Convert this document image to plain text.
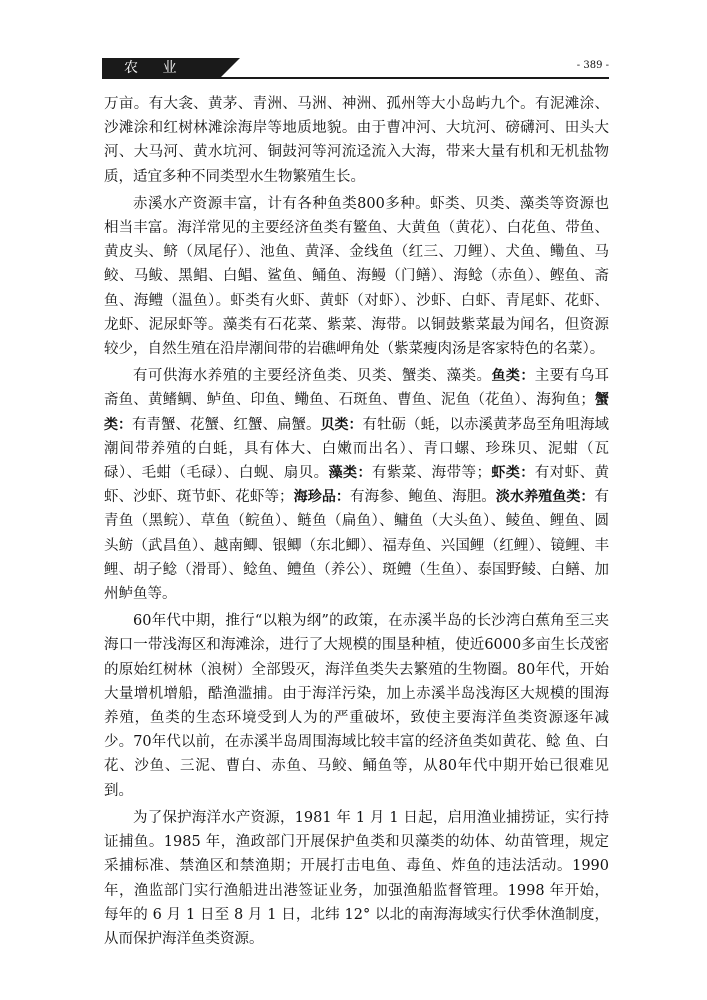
农 业	- 389 -

万亩。有大衾、黄茅、青洲、马洲、神洲、孤州等大小岛屿九个。有泥滩涂、沙滩涂和红树林滩涂海岸等地质地貌。由于曹冲河、大坑河、磅礴河、田头大河、大马河、黄水坑河、铜鼓河等河流迳流入大海，带来大量有机和无机盐物质，适宜多种不同类型水生物繁殖生长。

赤溪水产资源丰富，计有各种鱼类800多种。虾类、贝类、藻类等资源也相当丰富。海洋常见的主要经济鱼类有鳘鱼、大黄鱼（黄花）、白花鱼、带鱼、黄皮头、鲚（凤尾仔）、池鱼、黄泽、金线鱼（红三、刀鲤）、犬鱼、鳓鱼、马鲛、马鲅、黑鲳、白鲳、鲨鱼、鲬鱼、海鳗（门鳝）、海鲶（赤鱼）、鲣鱼、斋鱼、海鳢（温鱼）。虾类有火虾、黄虾（对虾）、沙虾、白虾、青尾虾、花虾、龙虾、泥尿虾等。藻类有石花菜、紫菜、海带。以铜鼓紫菜最为闻名，但资源较少，自然生殖在沿岸潮间带的岩礁岬角处（紫菜瘦肉汤是客家特色的名菜）。

有可供海水养殖的主要经济鱼类、贝类、蟹类、藻类。鱼类：主要有乌耳斋鱼、黄鳍鲷、鲈鱼、印鱼、鳓鱼、石斑鱼、曹鱼、泥鱼（花鱼）、海狗鱼；蟹类：有青蟹、花蟹、红蟹、扁蟹。贝类：有牡砺（蚝，以赤溪黄茅岛至角咀海域潮间带养殖的白蚝，具有体大、白嫩而出名）、青口螺、珍珠贝、泥蚶（瓦碌）、毛蚶（毛碌）、白蚬、扇贝。藻类：有紫菜、海带等；虾类：有对虾、黄虾、沙虾、斑节虾、花虾等；海珍品：有海参、鲍鱼、海胆。淡水养殖鱼类：有青鱼（黑鲩）、草鱼（鲩鱼）、鲢鱼（扁鱼）、鳙鱼（大头鱼）、鲮鱼、鲤鱼、圆头鲂（武昌鱼）、越南鲫、银鲫（东北鲫）、福寿鱼、兴国鲤（红鲤）、镜鲤、丰鲤、胡子鲶（滑哥）、鲶鱼、鳢鱼（养公）、斑鳢（生鱼）、泰国野鲮、白鳝、加州鲈鱼等。

60年代中期，推行“以粮为纲”的政策，在赤溪半岛的长沙湾白蕉角至三夹海口一带浅海区和海滩涂，进行了大规模的围垦种植，使近6000多亩生长茂密的原始红树林（浪树）全部毁灭，海洋鱼类失去繁殖的生物圈。80年代，开始大量增机增船，酷渔滥捕。由于海洋污染，加上赤溪半岛浅海区大规模的围海养殖，鱼类的生态环境受到人为的严重破坏，致使主要海洋鱼类资源逐年减少。70年代以前，在赤溪半岛周围海域比较丰富的经济鱼类如黄花、鲶 鱼、白花、沙鱼、三泥、曹白、赤鱼、马鲛、鲬鱼等，从80年代中期开始已很难见到。

为了保护海洋水产资源，1981 年 1 月 1 日起，启用渔业捕捞证，实行持证捕鱼。1985 年，渔政部门开展保护鱼类和贝藻类的幼体、幼苗管理，规定采捕标准、禁渔区和禁渔期；开展打击电鱼、毒鱼、炸鱼的违法活动。1990 年，渔监部门实行渔船进出港签证业务，加强渔船监督管理。1998 年开始，每年的 6 月 1 日至 8 月 1 日，北纬 12° 以北的南海海域实行伏季休渔制度，从而保护海洋鱼类资源。
